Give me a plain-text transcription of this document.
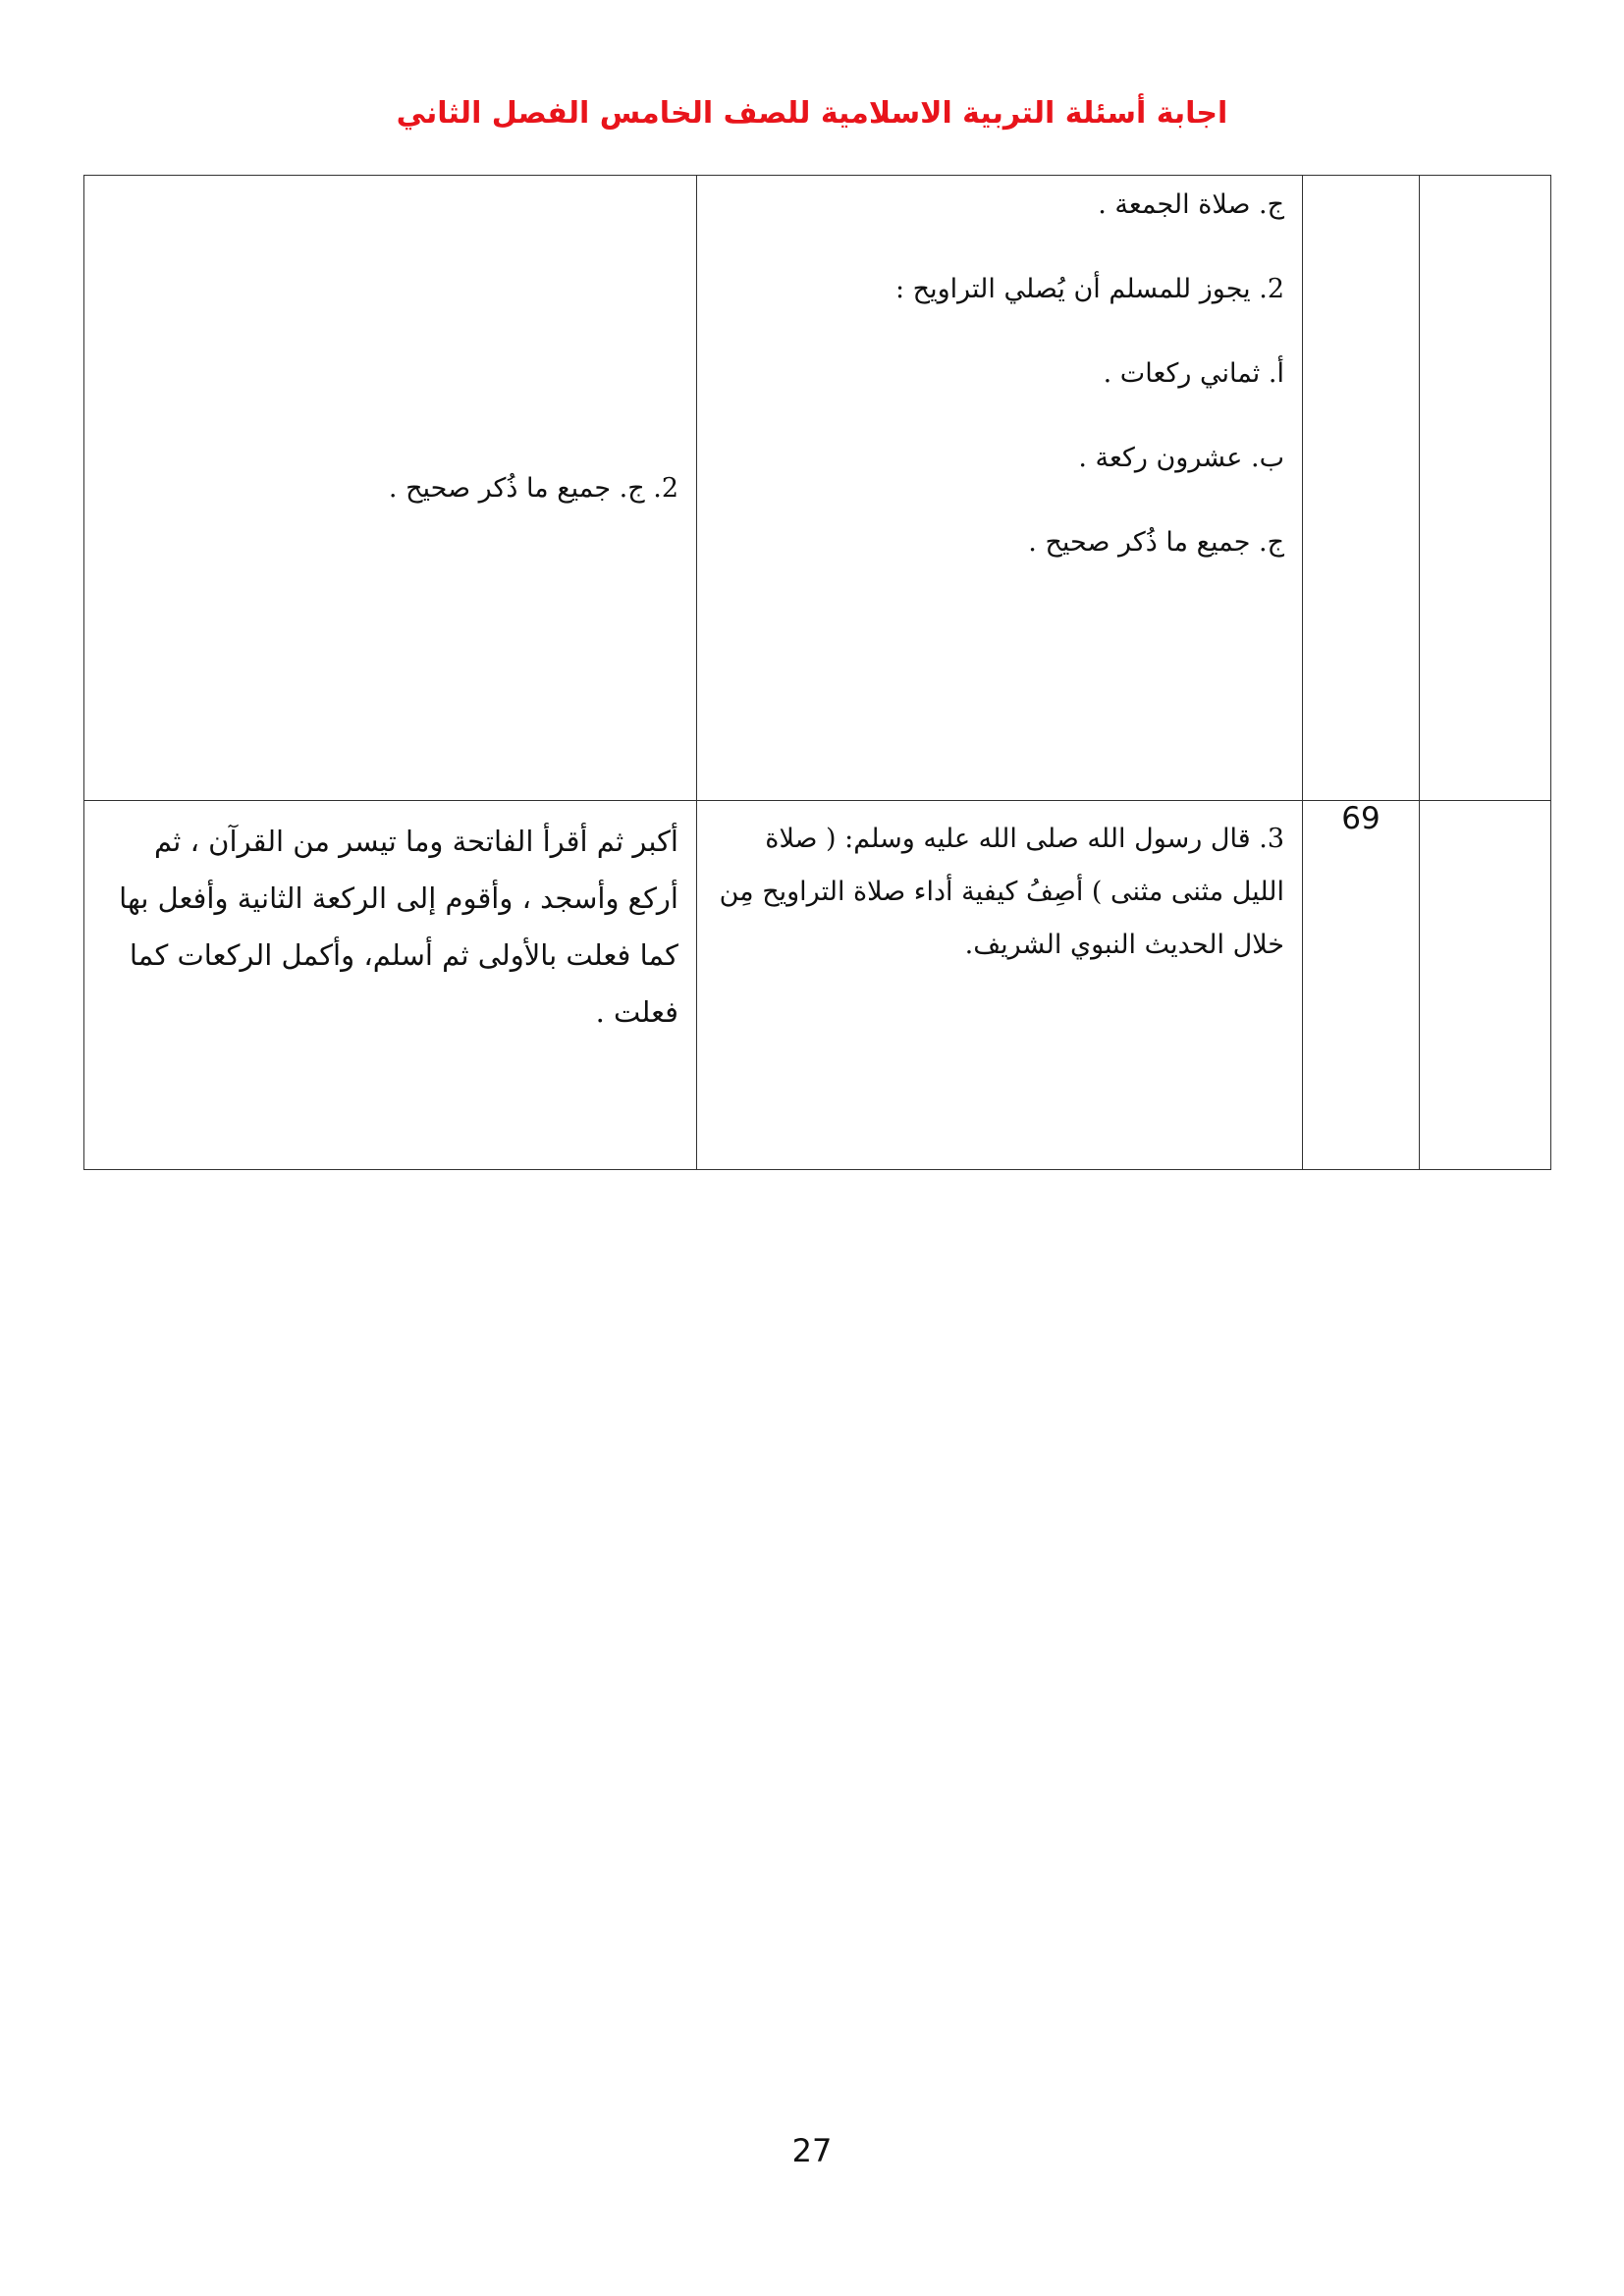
اجابة أسئلة التربية الاسلامية للصف الخامس الفصل الثاني

		ج. صلاة الجمعة .
2. يجوز للمسلم أن يُصلي التراويح :
أ. ثماني ركعات .
ب. عشرون ركعة .
ج. جميع ما ذُكر صحيح .	2. ج. جميع ما ذُكر صحيح .

	69	3. قال رسول الله صلى الله عليه وسلم: ( صلاة الليل مثنى مثنى ) أصِفُ كيفية أداء صلاة التراويح مِن خلال الحديث النبوي الشريف.	أكبر ثم أقرأ الفاتحة وما تيسر من القرآن ، ثم أركع وأسجد ، وأقوم إلى الركعة الثانية وأفعل بها كما فعلت بالأولى ثم أسلم، وأكمل الركعات كما فعلت .
27
